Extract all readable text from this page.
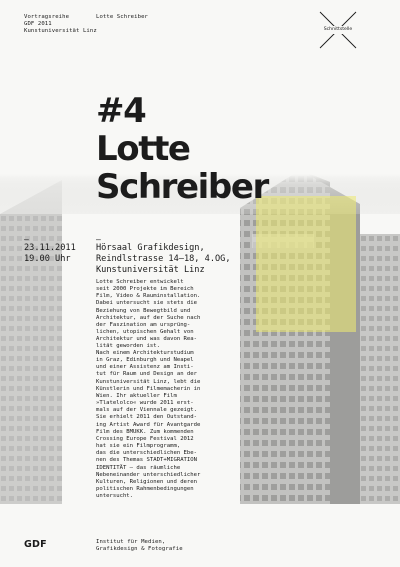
Vortragsreihe
GDF 2011
Kunstuniversität Linz
Lotte Schreiber
Schnittstelle
#4
Lotte
Schreiber
–	–
23.11.2011
19.00 Uhr
Hörsaal Grafikdesign,
Reindlstrasse 14–18, 4.OG,
Kunstuniversität Linz
Lotte Schreiber entwickelt
seit 2000 Projekte im Bereich
Film, Video & Rauminstallation.
Dabei untersucht sie stets die
Beziehung von Bewegtbild und
Architektur, auf der Suche nach
der Faszination am ursprüng-
lichen, utopischen Gehalt von
Architektur und was davon Rea-
lität geworden ist.
Nach einem Architekturstudium
in Graz, Edinburgh und Neapel
und einer Assistenz am Insti-
tut für Raum und Design an der
Kunstuniversität Linz, lebt die
Künstlerin und Filmemacherin in
Wien. Ihr aktueller Film
»Tlatelolco« wurde 2011 erst-
mals auf der Viennale gezeigt.
Sie erhielt 2011 den Outstand-
ing Artist Award für Avantgarde
Film des BMUKK. Zum kommenden
Crossing Europe Festival 2012
hat sie ein Filmprogramm,
das die unterschiedlichen Ebe-
nen des Themas STADT+MIGRATION
IDENTITÄT – das räumliche
Nebeneinander unterschiedlicher
Kulturen, Religionen und deren
politischen Rahmenbedingungen
untersucht.
GDF	Institut für Medien,
Grafikdesign & Fotografie
